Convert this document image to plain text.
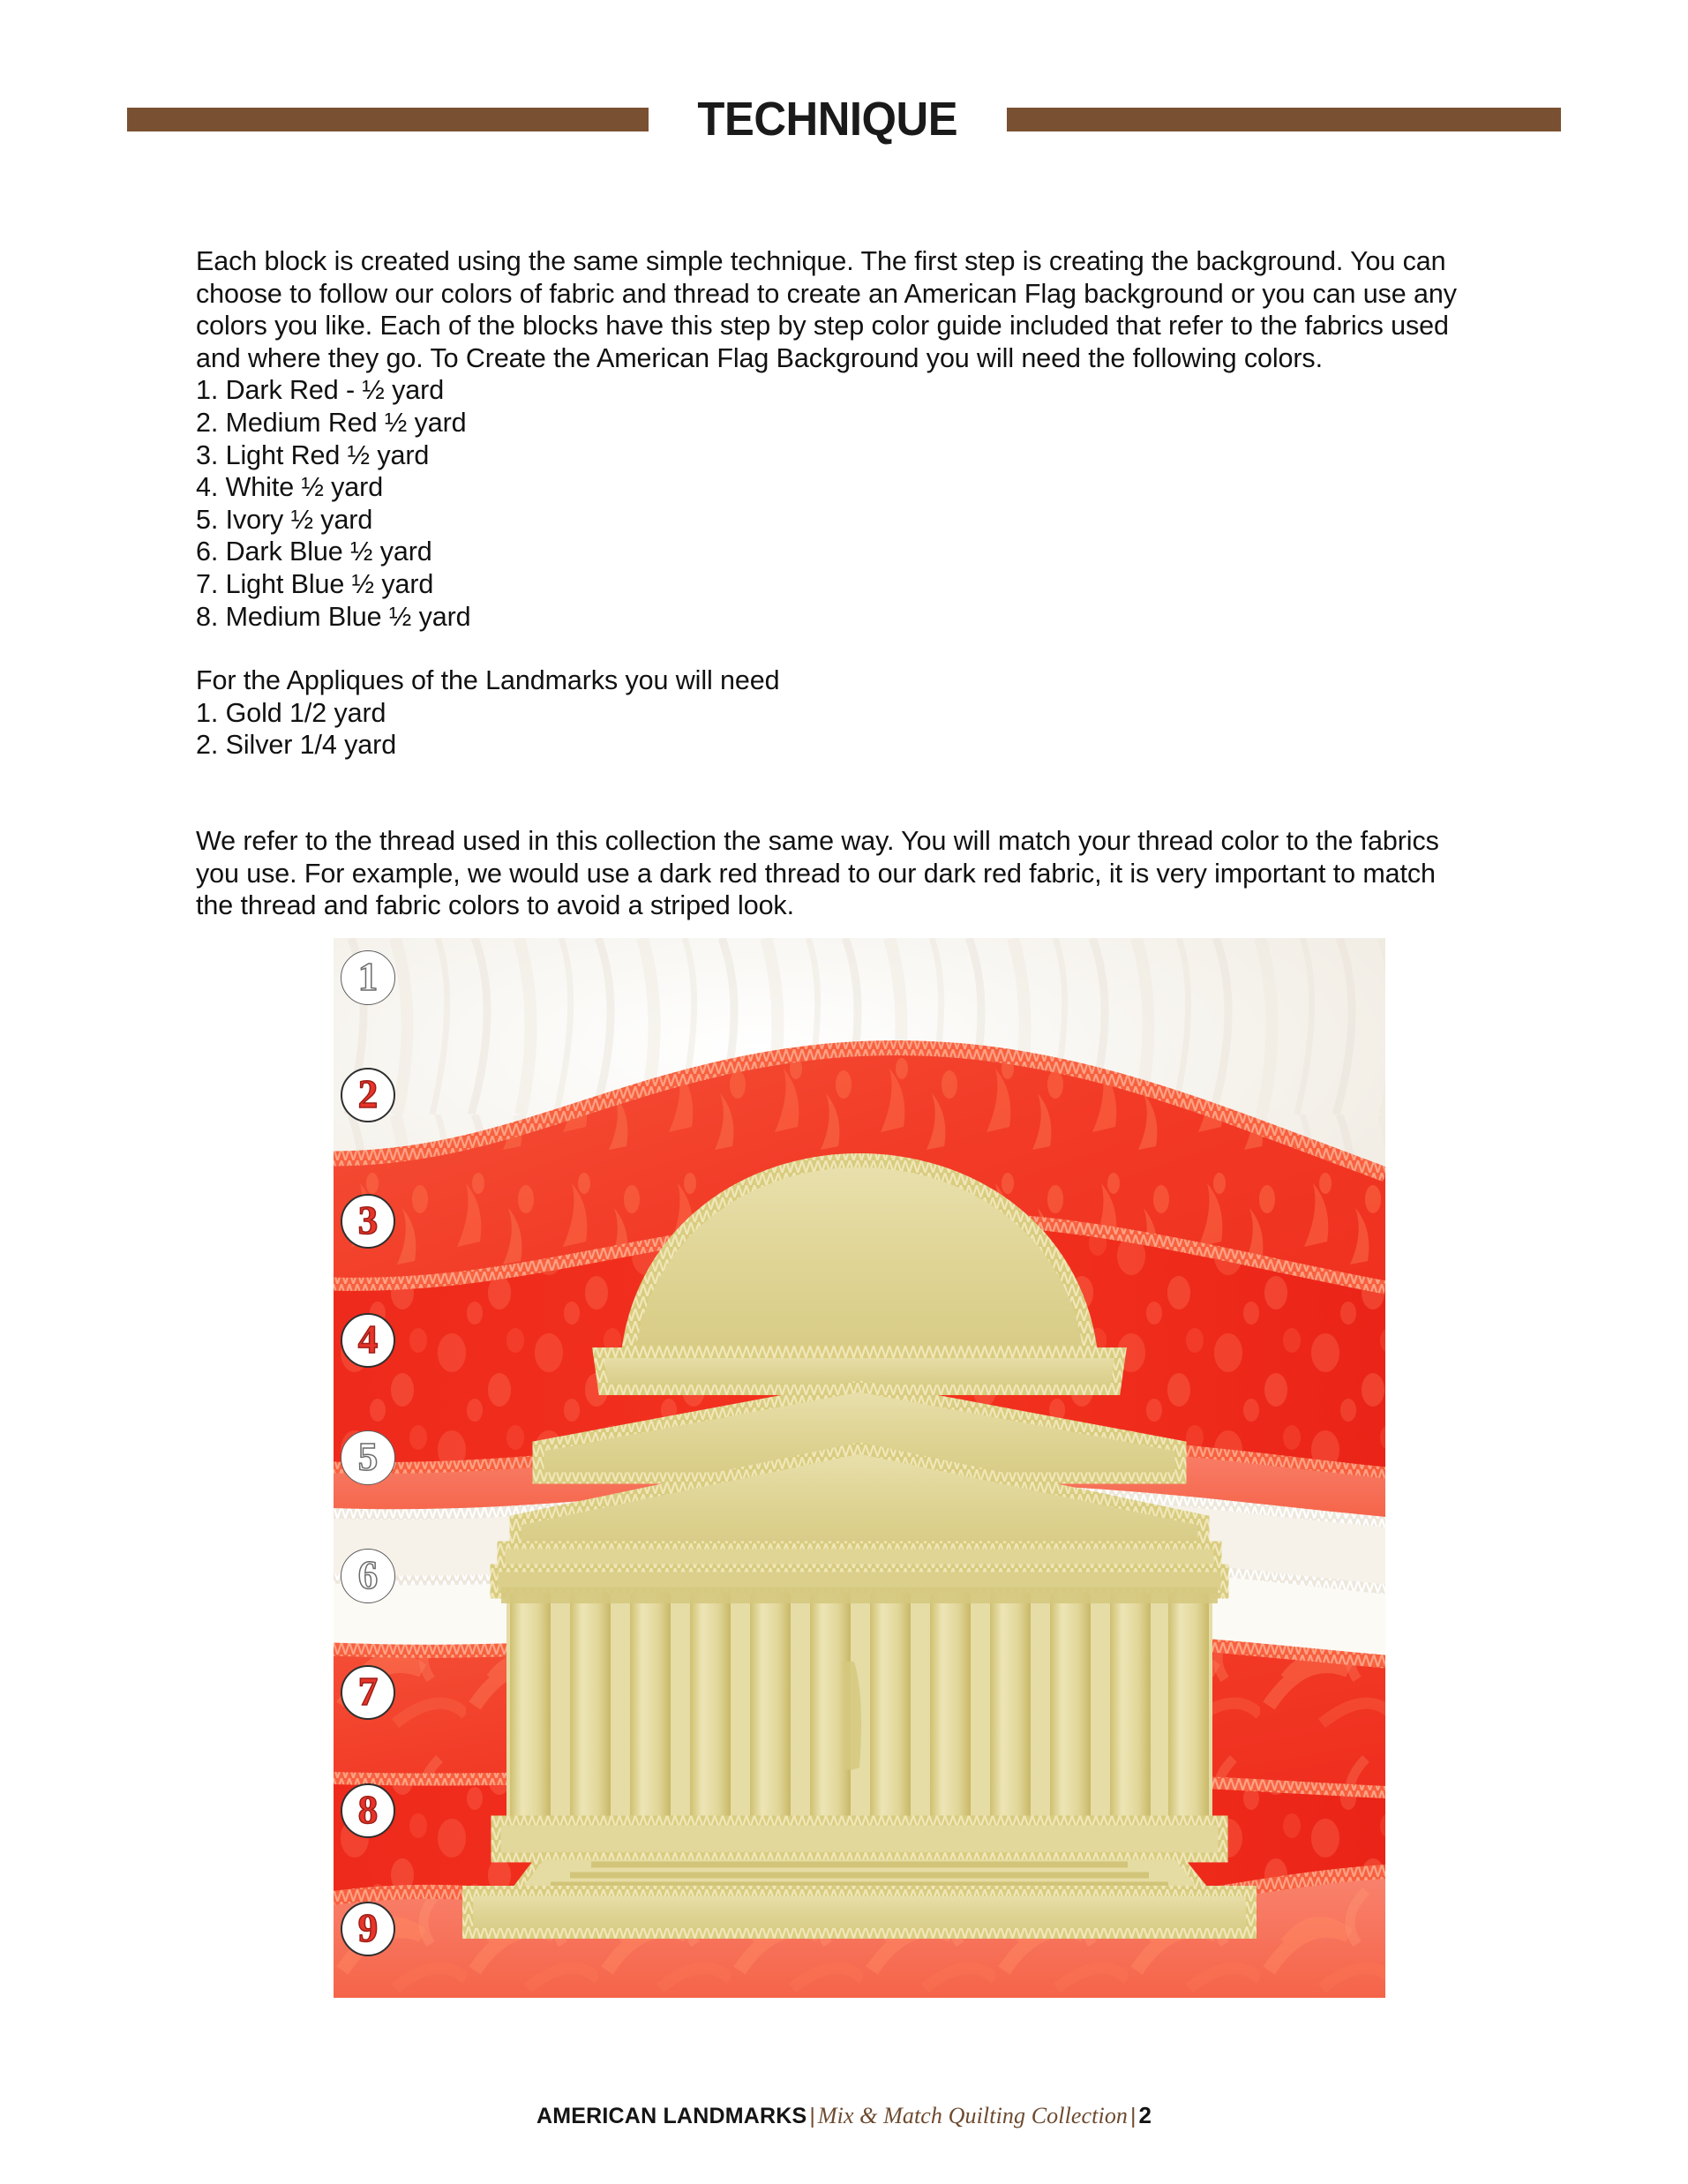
TECHNIQUE

Each block is created using the same simple technique. The first step is creating the background. You can choose to follow our colors of fabric and thread to create an American Flag background or you can use any colors you like. Each of the blocks have this step by step color guide included that refer to the fabrics used and where they go. To Create the American Flag Background you will need the following colors.

1. Dark Red - ½ yard
2. Medium Red ½ yard
3. Light Red ½ yard
4. White ½ yard
5. Ivory ½ yard
6. Dark Blue ½ yard
7. Light Blue ½ yard
8. Medium Blue ½ yard

For the Appliques of the Landmarks you will need

1. Gold 1/2 yard
2. Silver 1/4 yard

We refer to the thread used in this collection the same way. You will match your thread color to the fabrics you use. For example, we would use a dark red thread to our dark red fabric, it is very important to match the thread and fabric colors to avoid a striped look.

1
2
3
4
5
6
7
8
9
AMERICAN LANDMARKS | Mix & Match Quilting Collection | 2
